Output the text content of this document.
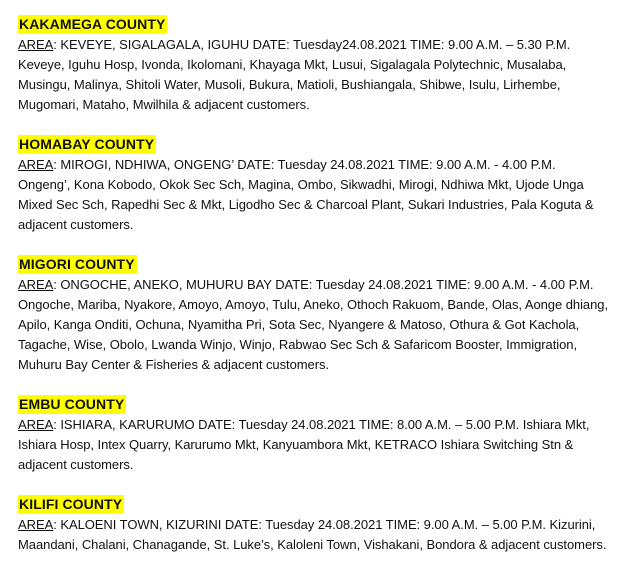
KAKAMEGA COUNTY

AREA: KEVEYE, SIGALAGALA, IGUHU DATE: Tuesday24.08.2021 TIME: 9.00 A.M. – 5.30 P.M. Keveye, Iguhu Hosp, Ivonda, Ikolomani, Khayaga Mkt, Lusui, Sigalagala Polytechnic, Musalaba, Musingu, Malinya, Shitoli Water, Musoli, Bukura, Matioli, Bushiangala, Shibwe, Isulu, Lirhembe, Mugomari, Mataho, Mwilhila & adjacent customers.

HOMABAY COUNTY

AREA: MIROGI, NDHIWA, ONGENG’ DATE: Tuesday 24.08.2021 TIME: 9.00 A.M. - 4.00 P.M. Ongeng’, Kona Kobodo, Okok Sec Sch, Magina, Ombo, Sikwadhi, Mirogi, Ndhiwa Mkt, Ujode Unga Mixed Sec Sch, Rapedhi Sec & Mkt, Ligodho Sec & Charcoal Plant, Sukari Industries, Pala Koguta & adjacent customers.

MIGORI COUNTY

AREA: ONGOCHE, ANEKO, MUHURU BAY DATE: Tuesday 24.08.2021 TIME: 9.00 A.M. - 4.00 P.M. Ongoche, Mariba, Nyakore, Amoyo, Amoyo, Tulu, Aneko, Othoch Rakuom, Bande, Olas, Aonge dhiang, Apilo, Kanga Onditi, Ochuna, Nyamitha Pri, Sota Sec, Nyangere & Matoso, Othura & Got Kachola, Tagache, Wise, Obolo, Lwanda Winjo, Winjo, Rabwao Sec Sch & Safaricom Booster, Immigration, Muhuru Bay Center & Fisheries & adjacent customers.

EMBU COUNTY

AREA: ISHIARA, KARURUMO DATE: Tuesday 24.08.2021 TIME: 8.00 A.M. – 5.00 P.M. Ishiara Mkt, Ishiara Hosp, Intex Quarry, Karurumo Mkt, Kanyuambora Mkt, KETRACO Ishiara Switching Stn & adjacent customers.

KILIFI COUNTY

AREA: KALOENI TOWN, KIZURINI DATE: Tuesday 24.08.2021 TIME: 9.00 A.M. – 5.00 P.M. Kizurini, Maandani, Chalani, Chanagande, St. Luke’s, Kaloleni Town, Vishakani, Bondora & adjacent customers.
